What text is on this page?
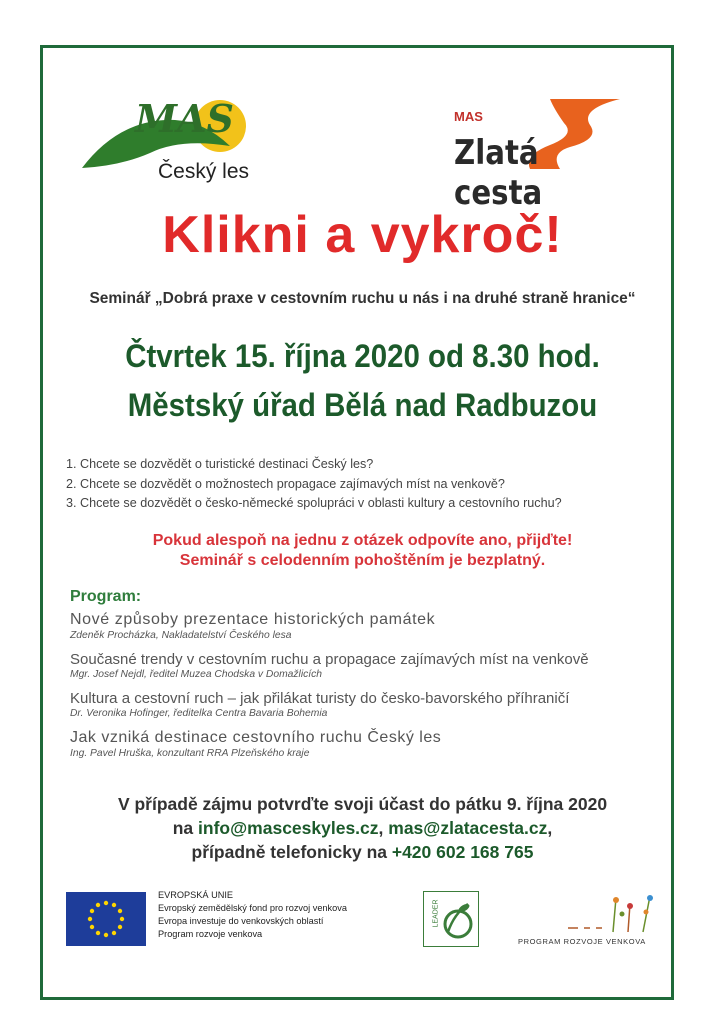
MAS
Český les
MAS
Zlatá cesta
Klikni a vykroč!
Seminář „Dobrá praxe v cestovním ruchu u nás i na druhé straně hranice“
Čtvrtek 15. října 2020 od 8.30 hod.
Městský úřad Bělá nad Radbuzou
1. Chcete se dozvědět o turistické destinaci Český les?
2. Chcete se dozvědět o možnostech propagace zajímavých míst na venkově?
3. Chcete se dozvědět o česko-německé spolupráci v oblasti kultury a cestovního ruchu?
Pokud alespoň na jednu z otázek odpovíte ano, přijďte!
Seminář s celodenním pohoštěním je bezplatný.
Program:
Nové způsoby prezentace historických památek
Zdeněk Procházka, Nakladatelství Českého lesa
Současné trendy v cestovním ruchu a propagace zajímavých míst na venkově
Mgr. Josef Nejdl, ředitel Muzea Chodska v Domažlicích
Kultura a cestovní ruch – jak přilákat turisty do česko-bavorského příhraničí
Dr. Veronika Hofinger, ředitelka Centra Bavaria Bohemia
Jak vzniká destinace cestovního ruchu Český les
Ing. Pavel Hruška, konzultant RRA Plzeňského kraje
V případě zájmu potvrďte svoji účast do pátku 9. října 2020
na info@masceskyles.cz, mas@zlatacesta.cz,
případně telefonicky na +420 602 168 765
EVROPSKÁ UNIE
Evropský zemědělský fond pro rozvoj venkova
Evropa investuje do venkovských oblastí
Program rozvoje venkova
LEADER
PROGRAM ROZVOJE VENKOVA
